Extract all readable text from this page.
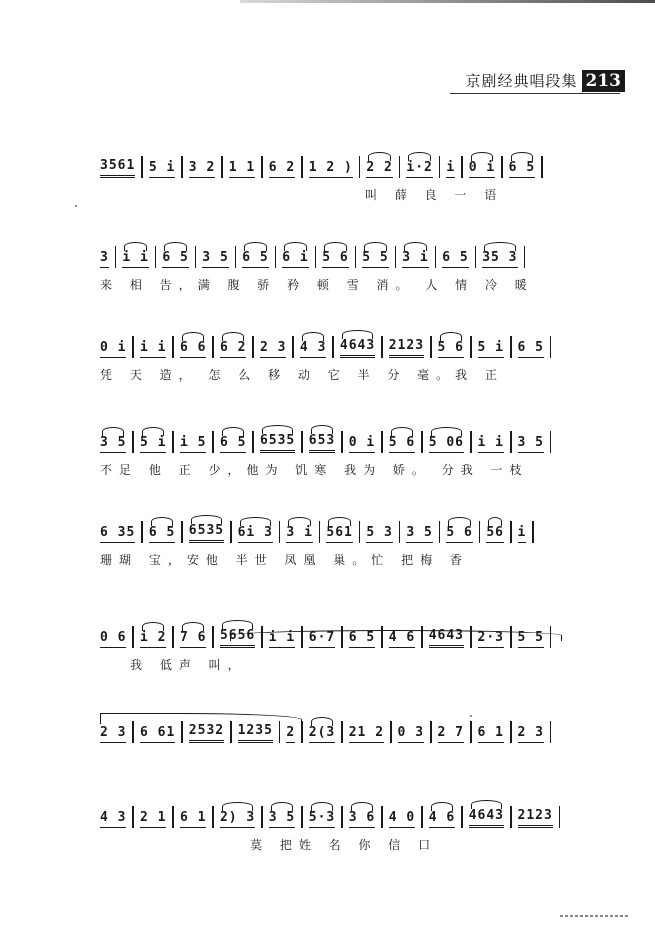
京剧经典唱段集 213
3561 5 i 3 2 1 1 6 2 1 2 ) 2 2 i·2 i 0 i 6 5
叫 薛 良 一 语
3 i i 6 5 3 5 6 5 6 i 5 6 5 5 3 i 6 5 35 3
来 相 告，满 腹 骄 矜 顿 雪 消。 人 情 冷 暖
0 i i i 6 6 6 2 2 3 4 3 4643 2123 5 6 5 i 6 5
凭 天 造， 怎 么 移 动 它 半 分 毫。我 正
3 5 5 i i 5 6 5 6535 653 0 i 5 6 5 06 i i 3 5
不足 他 正 少，他为 饥寒 我为 娇。 分我 一枝
6 35 6 5 6535 6i 3 3 i 561 5 3 3 5 5 6 56 i
珊瑚 宝，安他 半世 凤凰 巢。忙 把梅 香
0 6 i 2 7 6 5656 i i 6·7 6 5 4 6 4643 2·3 5 5
我 低声 叫，
2 3 6 61 2532 1235 2 2(3 21 2 0 3 2 7 6 1 2 3
4 3 2 1 6 1 2) 3 3 5 5·3 3 6 4 0 4 6 4643 2123
莫 把姓 名 你 信 口
